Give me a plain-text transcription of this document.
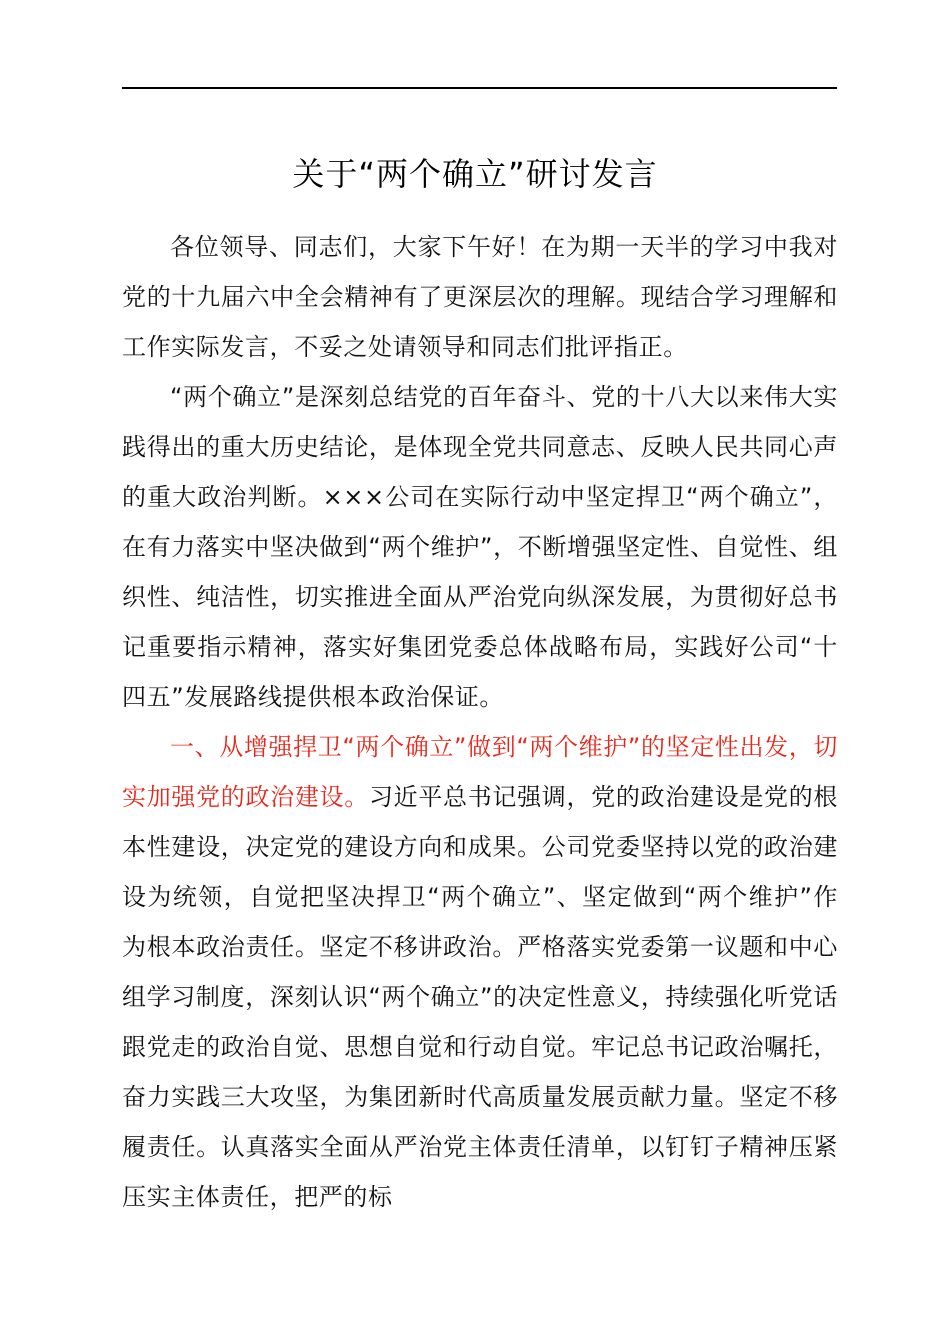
关于“两个确立”研讨发言

各位领导、同志们，大家下午好！在为期一天半的学习中我对党的十九届六中全会精神有了更深层次的理解。现结合学习理解和工作实际发言，不妥之处请领导和同志们批评指正。

“两个确立”是深刻总结党的百年奋斗、党的十八大以来伟大实践得出的重大历史结论，是体现全党共同意志、反映人民共同心声的重大政治判断。×××公司在实际行动中坚定捍卫“两个确立”，在有力落实中坚决做到“两个维护”，不断增强坚定性、自觉性、组织性、纯洁性，切实推进全面从严治党向纵深发展，为贯彻好总书记重要指示精神，落实好集团党委总体战略布局，实践好公司“十四五”发展路线提供根本政治保证。

一、从增强捍卫“两个确立”做到“两个维护”的坚定性出发，切实加强党的政治建设。习近平总书记强调，党的政治建设是党的根本性建设，决定党的建设方向和成果。公司党委坚持以党的政治建设为统领，自觉把坚决捍卫“两个确立”、坚定做到“两个维护”作为根本政治责任。坚定不移讲政治。严格落实党委第一议题和中心组学习制度，深刻认识“两个确立”的决定性意义，持续强化听党话跟党走的政治自觉、思想自觉和行动自觉。牢记总书记政治嘱托，奋力实践三大攻坚，为集团新时代高质量发展贡献力量。坚定不移履责任。认真落实全面从严治党主体责任清单，以钉钉子精神压紧压实主体责任，把严的标
